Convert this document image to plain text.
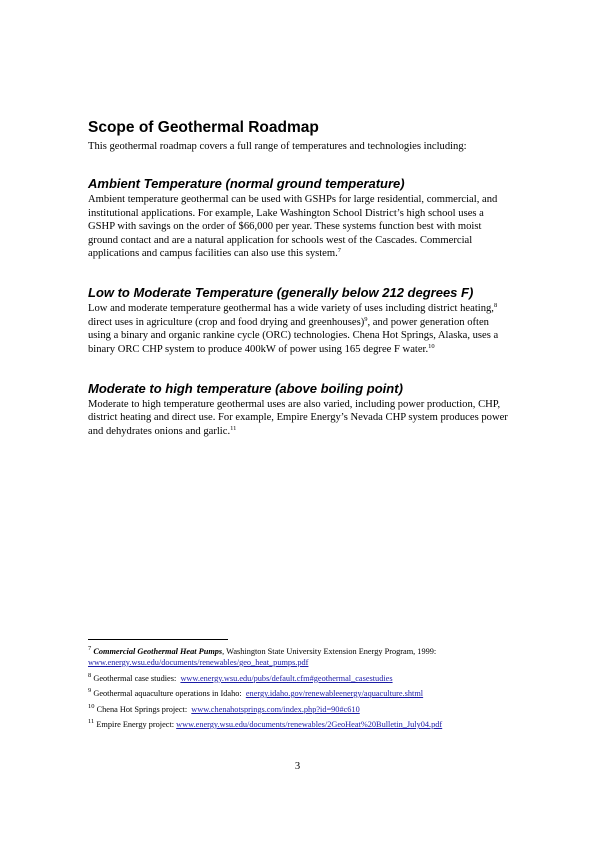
Scope of Geothermal Roadmap

This geothermal roadmap covers a full range of temperatures and technologies including:

Ambient Temperature (normal ground temperature)

Ambient temperature geothermal can be used with GSHPs for large residential, commercial, and institutional applications. For example, Lake Washington School District’s high school uses a GSHP with savings on the order of $66,000 per year. These systems function best with moist ground contact and are a natural application for schools west of the Cascades. Commercial applications and campus facilities can also use this system.$^7$

Low to Moderate Temperature (generally below 212 degrees F)

Low and moderate temperature geothermal has a wide variety of uses including district heating,$^8$ direct uses in agriculture (crop and food drying and greenhouses)$^9$, and power generation often using a binary and organic rankine cycle (ORC) technologies. Chena Hot Springs, Alaska, uses a binary ORC CHP system to produce 400kW of power using 165 degree F water.$^{10}$

Moderate to high temperature (above boiling point)

Moderate to high temperature geothermal uses are also varied, including power production, CHP, district heating and direct use. For example, Empire Energy’s Nevada CHP system produces power and dehydrates onions and garlic.$^{11}$

$^7$ Commercial Geothermal Heat Pumps, Washington State University Extension Energy Program, 1999:
www.energy.wsu.edu/documents/renewables/geo_heat_pumps.pdf

$^8$ Geothermal case studies: www.energy.wsu.edu/pubs/default.cfm#geothermal_casestudies

$^9$ Geothermal aquaculture operations in Idaho: energy.idaho.gov/renewableenergy/aquaculture.shtml

$^{10}$ Chena Hot Springs project: www.chenahotsprings.com/index.php?id=90#c610

$^{11}$ Empire Energy project: www.energy.wsu.edu/documents/renewables/2GeoHeat%20Bulletin_July04.pdf

3
